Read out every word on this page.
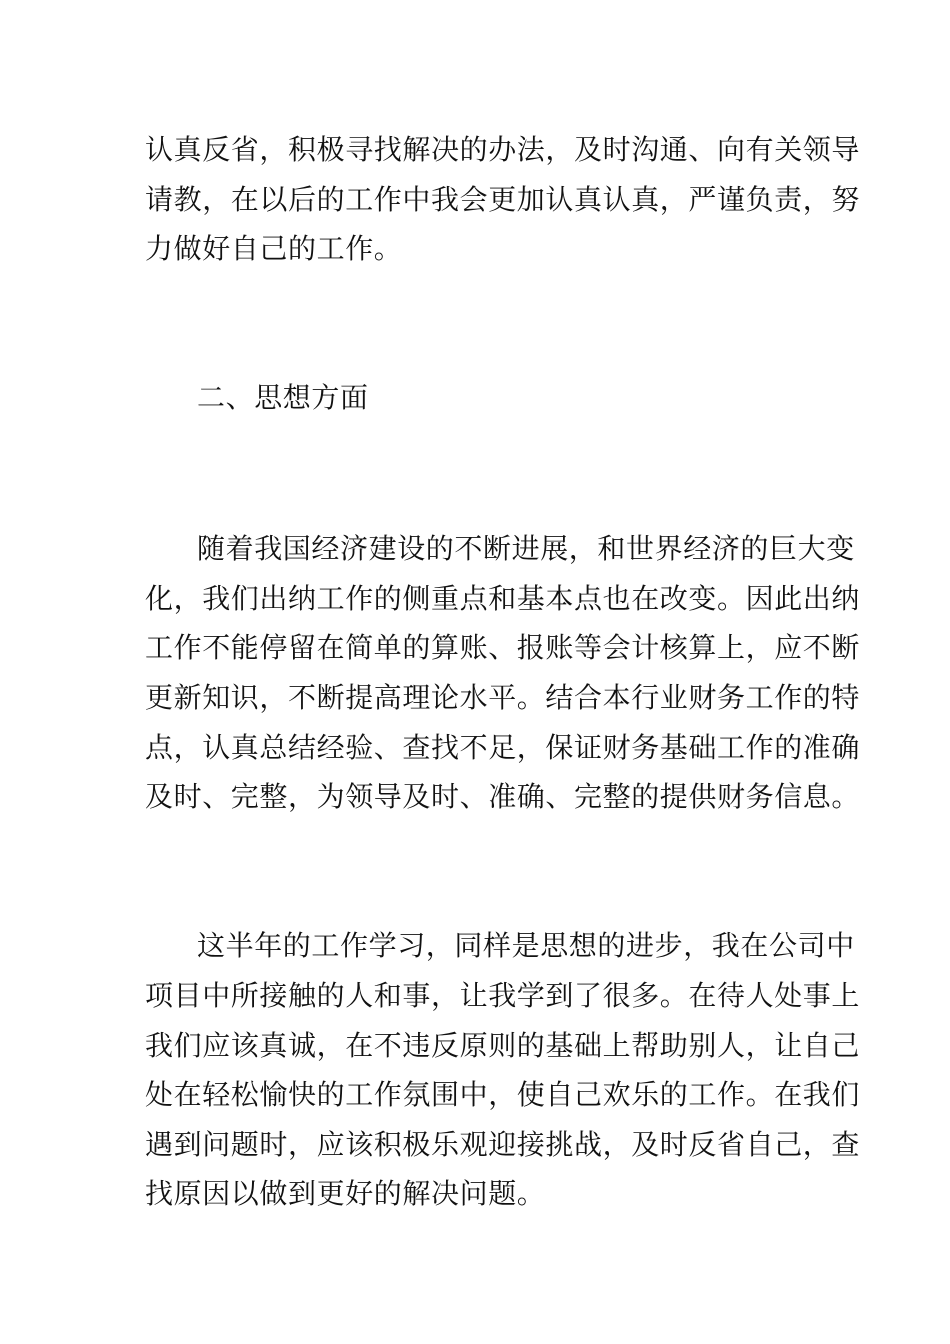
认真反省，积极寻找解决的办法，及时沟通、向有关领导
请教，在以后的工作中我会更加认真认真，严谨负责，努
力做好自己的工作。
二、思想方面
随着我国经济建设的不断进展，和世界经济的巨大变
化，我们出纳工作的侧重点和基本点也在改变。因此出纳
工作不能停留在简单的算账、报账等会计核算上，应不断
更新知识，不断提高理论水平。结合本行业财务工作的特
点，认真总结经验、查找不足，保证财务基础工作的准确
及时、完整，为领导及时、准确、完整的提供财务信息。
这半年的工作学习，同样是思想的进步，我在公司中
项目中所接触的人和事，让我学到了很多。在待人处事上
我们应该真诚，在不违反原则的基础上帮助别人，让自己
处在轻松愉快的工作氛围中，使自己欢乐的工作。在我们
遇到问题时，应该积极乐观迎接挑战，及时反省自己，查
找原因以做到更好的解决问题。
